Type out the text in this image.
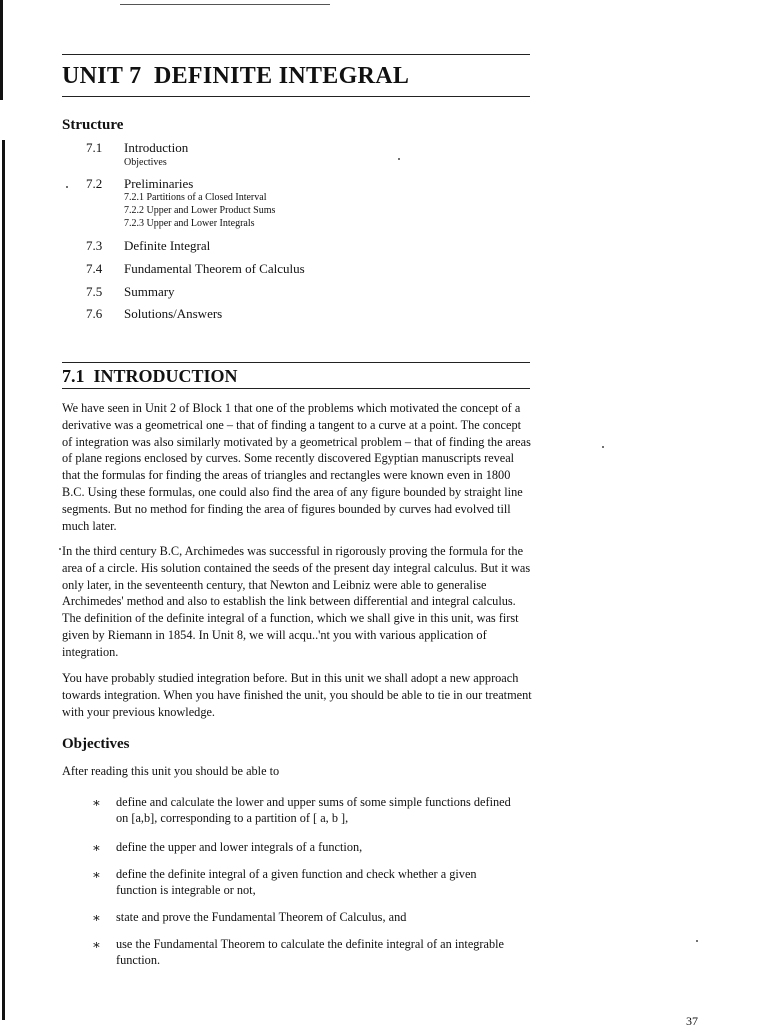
UNIT 7  DEFINITE INTEGRAL
Structure
7.1 Introduction
Objectives
7.2 Preliminaries
7.2.1 Partitions of a Closed Interval
7.2.2 Upper and Lower Product Sums
7.2.3 Upper and Lower Integrals
7.3 Definite Integral
7.4 Fundamental Theorem of Calculus
7.5 Summary
7.6 Solutions/Answers
7.1  INTRODUCTION

We have seen in Unit 2 of Block 1 that one of the problems which motivated the concept of a derivative was a geometrical one – that of finding a tangent to a curve at a point. The concept of integration was also similarly motivated by a geometrical problem – that of finding the areas of plane regions enclosed by curves. Some recently discovered Egyptian manuscripts reveal that the formulas for finding the areas of triangles and rectangles were known even in 1800 B.C. Using these formulas, one could also find the area of any figure bounded by straight line segments. But no method for finding the area of figures bounded by curves had evolved till much later.

In the third century B.C, Archimedes was successful in rigorously proving the formula for the area of a circle. His solution contained the seeds of the present day integral calculus. But it was only later, in the seventeenth century, that Newton and Leibniz were able to generalise Archimedes' method and also to establish the link between differential and integral calculus. The definition of the definite integral of a function, which we shall give in this unit, was first given by Riemann in 1854. In Unit 8, we will acqu..'nt you with various application of integration.

You have probably studied integration before. But in this unit we shall adopt a new approach towards integration. When you have finished the unit, you should be able to tie in our treatment with your previous knowledge.

Objectives

After reading this unit you should be able to

∗ define and calculate the lower and upper sums of some simple functions defined on [a,b], corresponding to a partition of [ a, b ],
∗ define the upper and lower integrals of a function,
∗ define the definite integral of a given function and check whether a given function is integrable or not,
∗ state and prove the Fundamental Theorem of Calculus, and
∗ use the Fundamental Theorem to calculate the definite integral of an integrable function.

37
